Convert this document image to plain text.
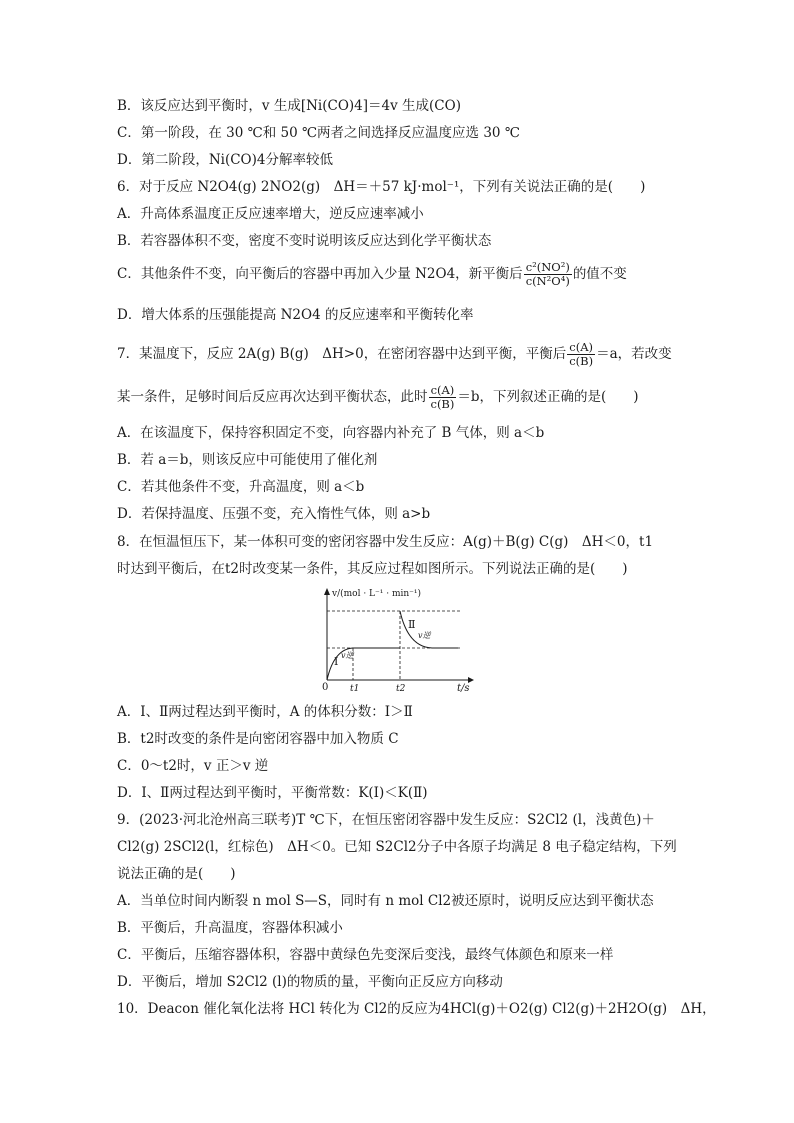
B．该反应达到平衡时，v 生成[Ni(CO)4]＝4v 生成(CO)
C．第一阶段，在 30 ℃和 50 ℃两者之间选择反应温度应选 30 ℃
D．第二阶段，Ni(CO)4分解率较低
6．对于反应 N2O4(g) 2NO2(g)　ΔH＝＋57 kJ·mol⁻¹，下列有关说法正确的是(　　)
A．升高体系温度正反应速率增大，逆反应速率减小
B．若容器体积不变，密度不变时说明该反应达到化学平衡状态
C．其他条件不变，向平衡后的容器中再加入少量 N2O4，新平衡后 $\frac{\text{c²(NO²)}}{\text{c(N²O⁴)}}$ 的值不变
D．增大体系的压强能提高 N2O4 的反应速率和平衡转化率
7．某温度下，反应 2A(g) B(g)　ΔH>0，在密闭容器中达到平衡，平衡后 $\frac{c(A)}{c(B)} =a$，若改变
某一条件，足够时间后反应再次达到平衡状态，此时 $\frac{c(A)}{c(B)} =b$，下列叙述正确的是(　　)
A．在该温度下，保持容积固定不变，向容器内补充了 B 气体，则 a＜b
B．若 a＝b，则该反应中可能使用了催化剂
C．若其他条件不变，升高温度，则 a＜b
D．若保持温度、压强不变，充入惰性气体，则 a>b
8．在恒温恒压下，某一体积可变的密闭容器中发生反应：A(g)＋B(g) C(g)　ΔH＜0，t1
时达到平衡后，在t2时改变某一条件，其反应过程如图所示。下列说法正确的是(　　)
v/(mol · L⁻¹ · min⁻¹)
t/s
0 t1	t2
Ⅰ v逆
Ⅱ
v逆
A．Ⅰ、Ⅱ两过程达到平衡时，A 的体积分数：Ⅰ＞Ⅱ
B．t2时改变的条件是向密闭容器中加入物质 C
C．0～t2时，v 正＞v 逆
D．Ⅰ、Ⅱ两过程达到平衡时，平衡常数：K(Ⅰ)＜K(Ⅱ)
9．(2023·河北沧州高三联考)T ℃下，在恒压密闭容器中发生反应：S2Cl2 (l，浅黄色)＋
Cl2(g) 2SCl2(l，红棕色)　ΔH＜0。已知 S2Cl2分子中各原子均满足 8 电子稳定结构，下列
说法正确的是(　　)
A．当单位时间内断裂 n mol S—S，同时有 n mol Cl2被还原时，说明反应达到平衡状态
B．平衡后，升高温度，容器体积减小
C．平衡后，压缩容器体积，容器中黄绿色先变深后变浅，最终气体颜色和原来一样
D．平衡后，增加 S2Cl2 (l)的物质的量，平衡向正反应方向移动
10．Deacon 催化氧化法将 HCl 转化为 Cl2的反应为4HCl(g)＋O2(g) Cl2(g)＋2H2O(g)　ΔH，
